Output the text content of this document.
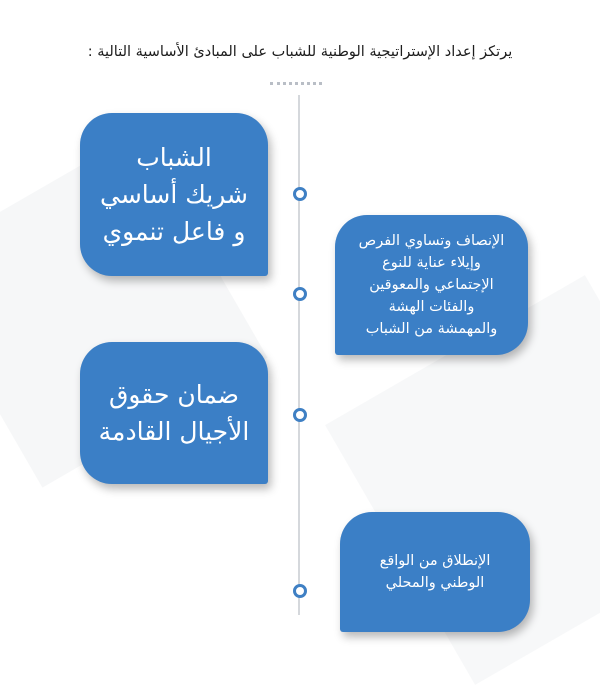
يرتكز إعداد الإستراتيجية الوطنية للشباب على المبادئ الأساسية التالية :
الشباب
شريك أساسي
و فاعل تنموي	الإنصاف وتساوي الفرص
وإيلاء عناية للنوع
الإجتماعي والمعوقين
والفئات الهشة
والمهمشة من الشباب
ضمان حقوق
الأجيال القادمة
الإنطلاق من الواقع
الوطني والمحلي
